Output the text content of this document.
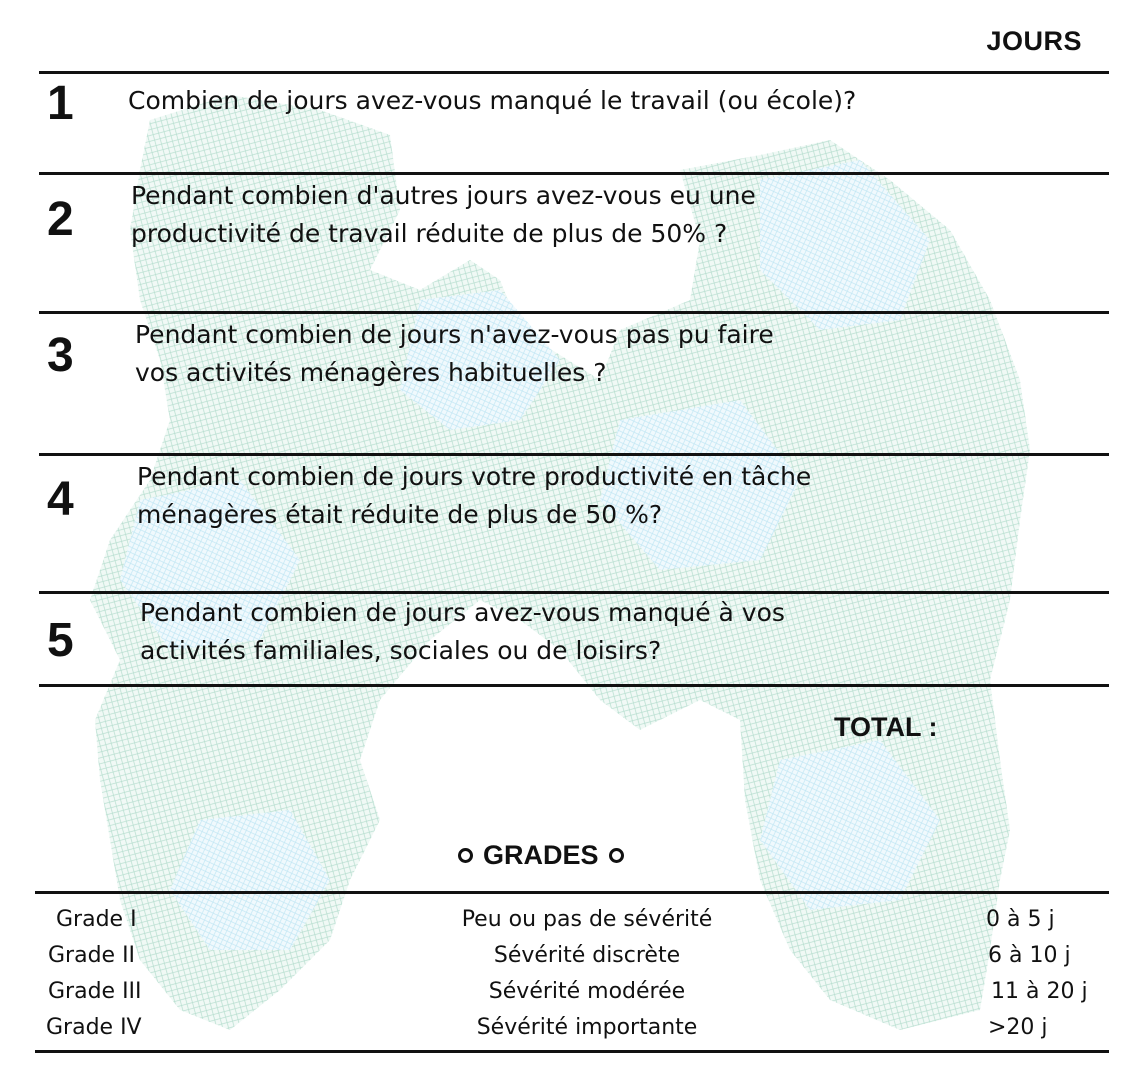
JOURS
1 Combien de jours avez-vous manqué le travail (ou école)?
2 Pendant combien d'autres jours avez-vous eu une
productivité de travail réduite de plus de 50% ?
3 Pendant combien de jours n'avez-vous pas pu faire
vos activités ménagères habituelles ?
4	Pendant combien de jours votre productivité en tâche
ménagères était réduite de plus de 50 %?
5
Pendant combien de jours avez-vous manqué à vos
activités familiales, sociales ou de loisirs?
TOTAL :
GRADES
Grade I	Peu ou pas de sévérité	0 à 5 j
Grade II	Sévérité discrète	6 à 10 j
Grade III	Sévérité modérée	11 à 20 j
Grade IV	Sévérité importante	>20 j
